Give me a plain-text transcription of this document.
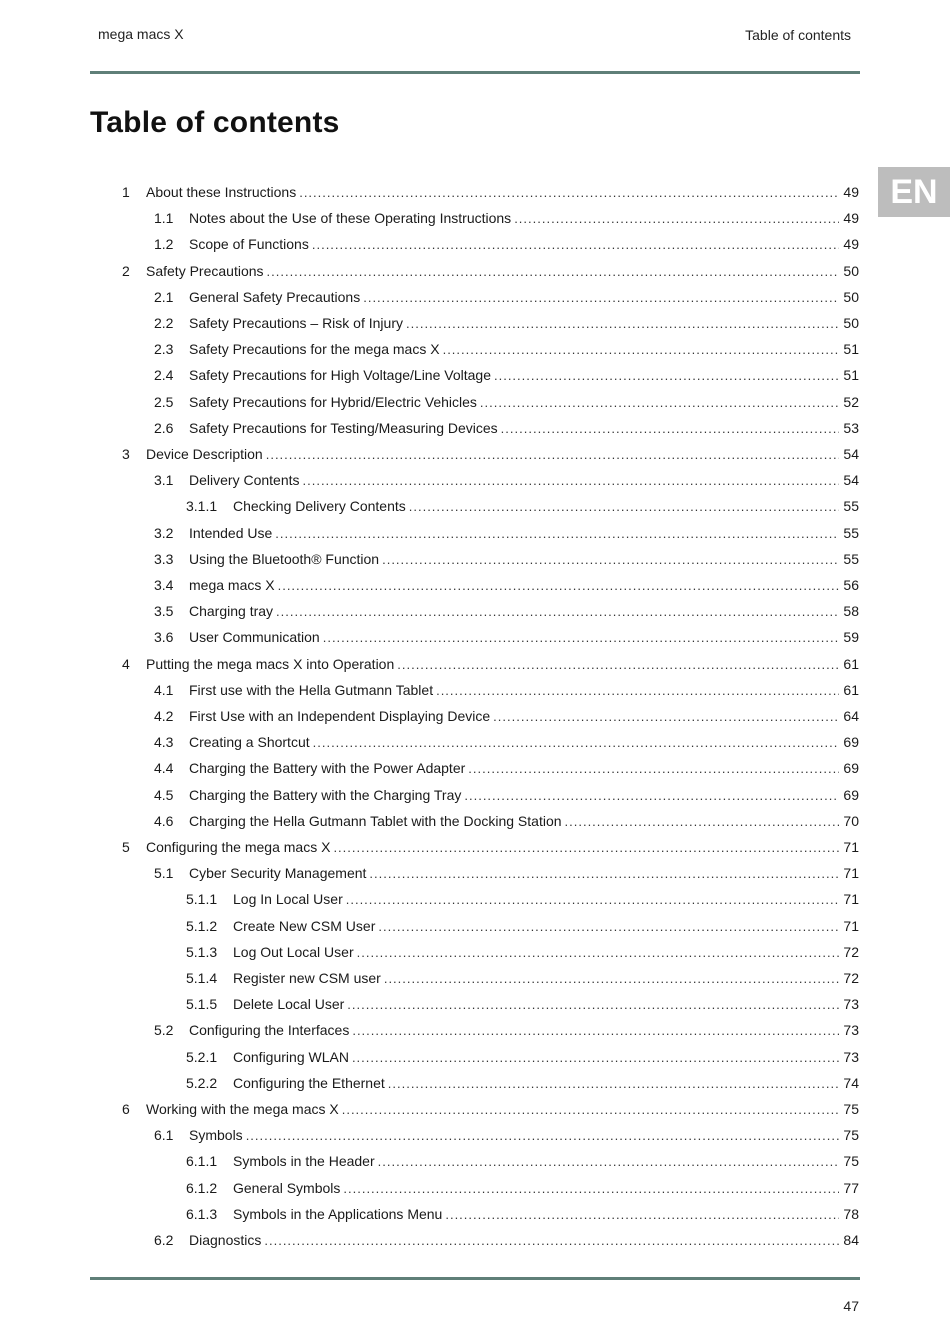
mega macs X	Table of contents
Table of contents
EN
1	About these Instructions .....	49
1.1	Notes about the Use of these Operating Instructions .....	49
1.2	Scope of Functions .....	49
2	Safety Precautions .....	50
2.1	General Safety Precautions .....	50
2.2	Safety Precautions – Risk of Injury .....	50
2.3	Safety Precautions for the mega macs X .....	51
2.4	Safety Precautions for High Voltage/Line Voltage .....	51
2.5	Safety Precautions for Hybrid/Electric Vehicles .....	52
2.6	Safety Precautions for Testing/Measuring Devices .....	53
3	Device Description .....	54
3.1	Delivery Contents .....	54
3.1.1	Checking Delivery Contents .....	55
3.2	Intended Use .....	55
3.3	Using the Bluetooth® Function .....	55
3.4	mega macs X .....	56
3.5	Charging tray .....	58
3.6	User Communication .....	59
4	Putting the mega macs X into Operation .....	61
4.1	First use with the Hella Gutmann Tablet .....	61
4.2	First Use with an Independent Displaying Device .....	64
4.3	Creating a Shortcut .....	69
4.4	Charging the Battery with the Power Adapter .....	69
4.5	Charging the Battery with the Charging Tray .....	69
4.6	Charging the Hella Gutmann Tablet with the Docking Station .....	70
5	Configuring the mega macs X .....	71
5.1	Cyber Security Management .....	71
5.1.1	Log In Local User .....	71
5.1.2	Create New CSM User .....	71
5.1.3	Log Out Local User .....	72
5.1.4	Register new CSM user .....	72
5.1.5	Delete Local User .....	73
5.2	Configuring the Interfaces .....	73
5.2.1	Configuring WLAN .....	73
5.2.2	Configuring the Ethernet .....	74
6	Working with the mega macs X .....	75
6.1	Symbols .....	75
6.1.1	Symbols in the Header .....	75
6.1.2	General Symbols .....	77
6.1.3	Symbols in the Applications Menu .....	78
6.2	Diagnostics .....	84
47
